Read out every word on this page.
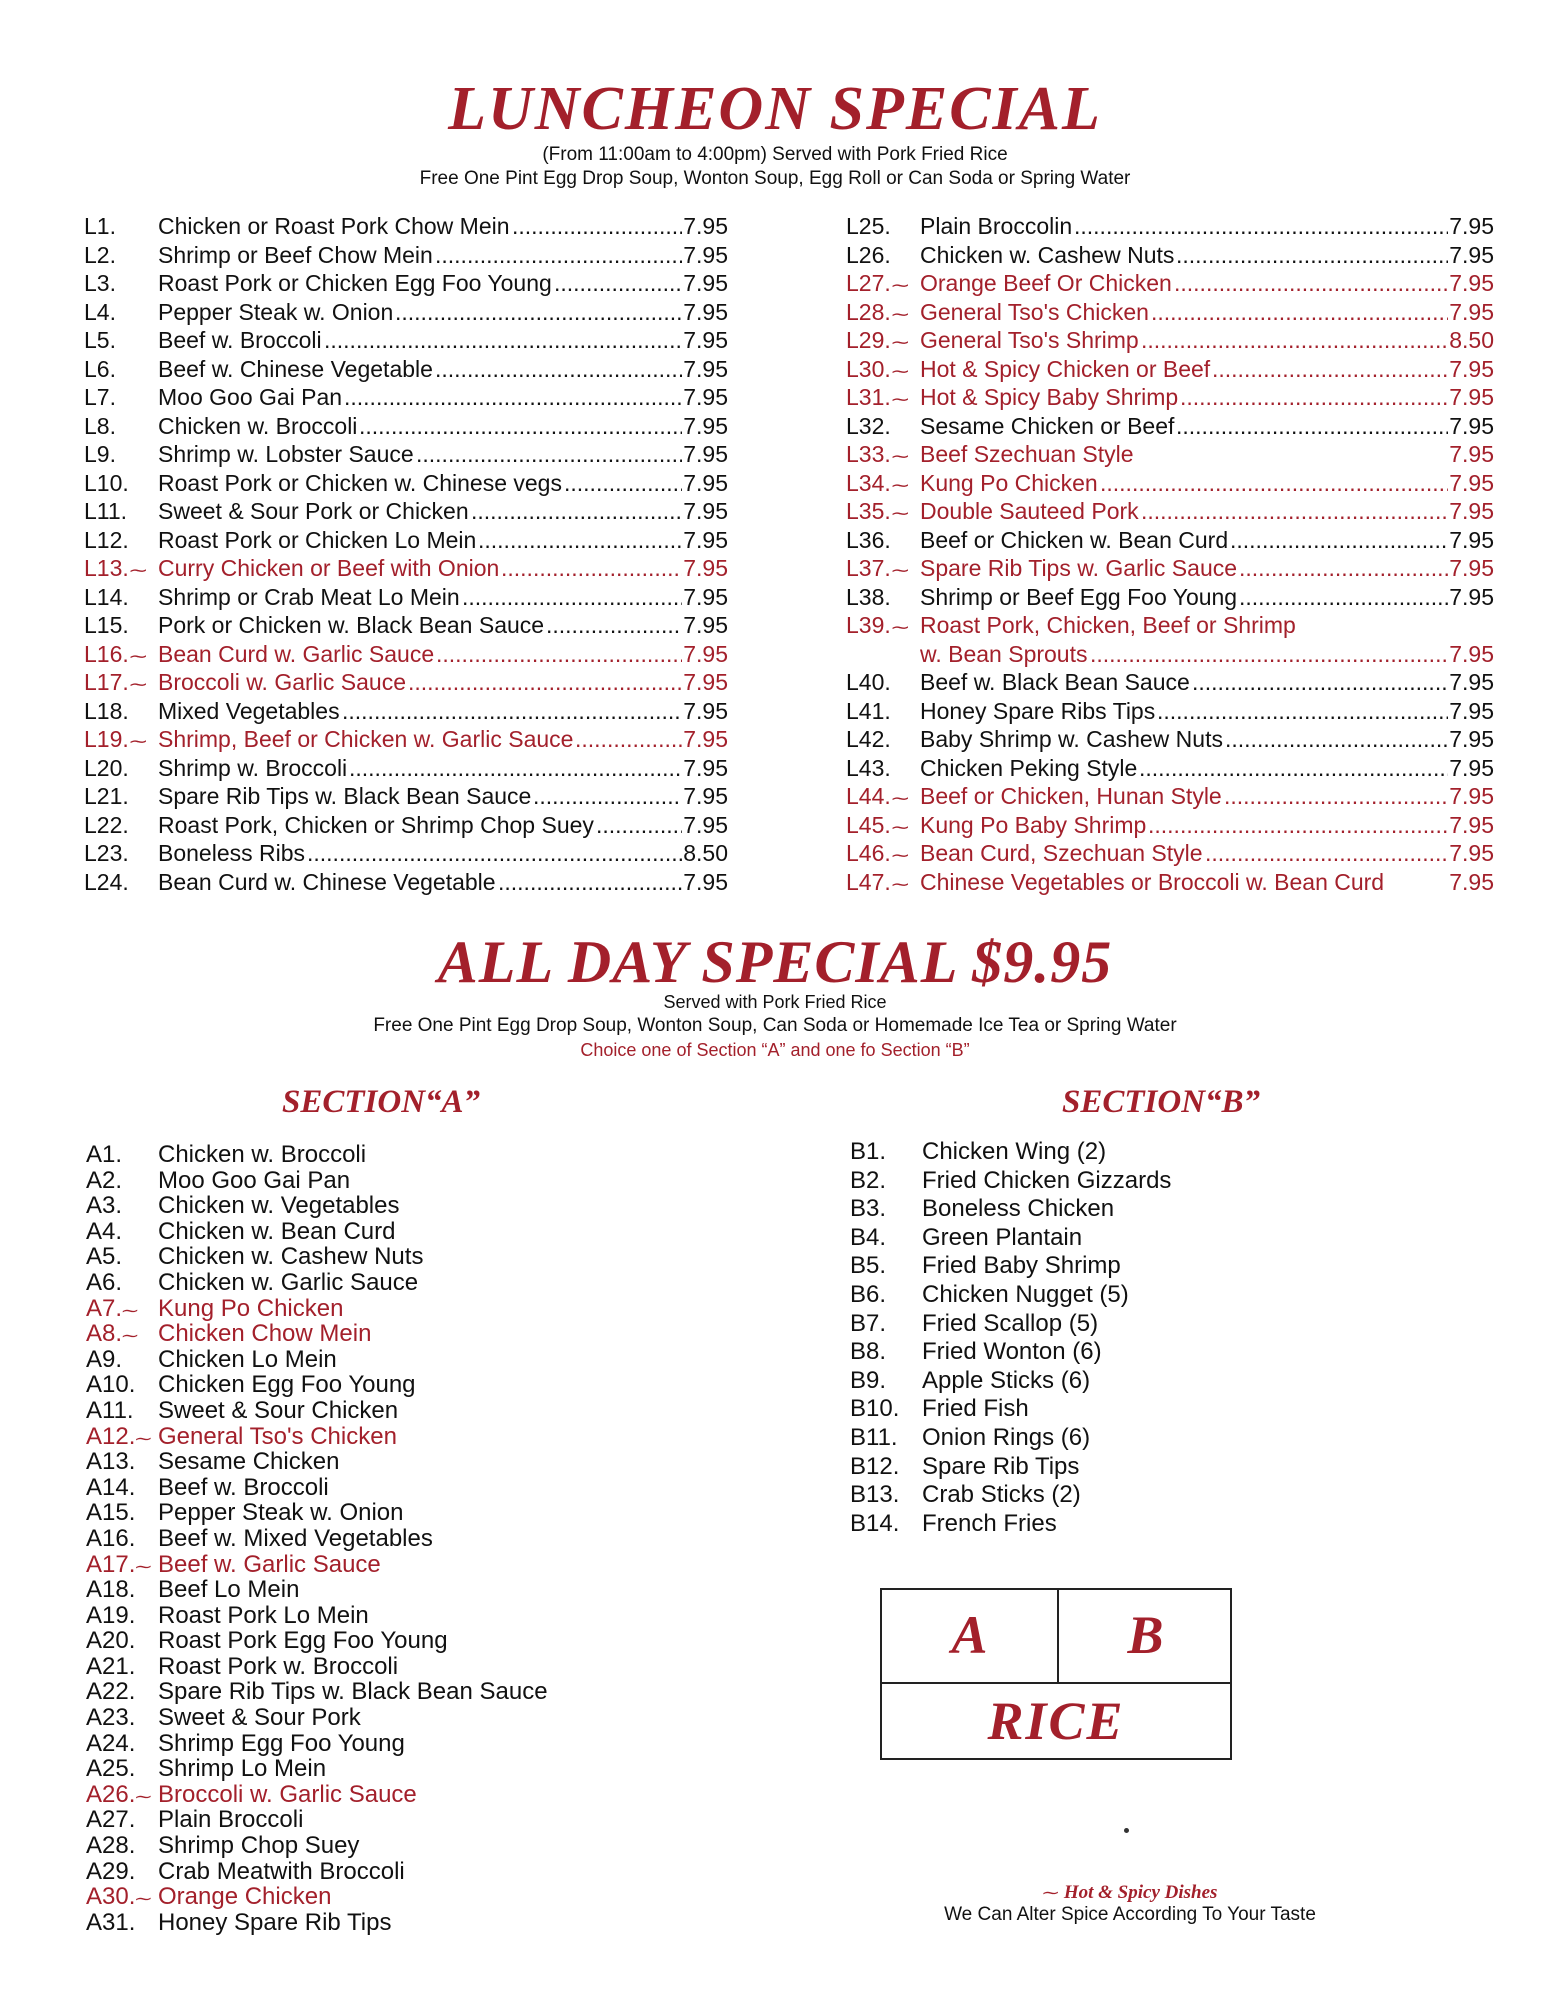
LUNCHEON SPECIAL
(From 11:00am to 4:00pm) Served with Pork Fried Rice
Free One Pint Egg Drop Soup, Wonton Soup, Egg Roll or Can Soda or Spring Water
L1. Chicken or Roast Pork Chow Mein .....	7.95
L2. Shrimp or Beef Chow Mein .....	7.95
L3. Roast Pork or Chicken Egg Foo Young .....	7.95
L4. Pepper Steak w. Onion .....	7.95
L5. Beef w. Broccoli .....	7.95
L6. Beef w. Chinese Vegetable .....	7.95
L7. Moo Goo Gai Pan .....	7.95
L8. Chicken w. Broccoli .....	7.95
L9. Shrimp w. Lobster Sauce .....	7.95
L10. Roast Pork or Chicken w. Chinese vegs .....	7.95
L11. Sweet & Sour Pork or Chicken .....	7.95
L12. Roast Pork or Chicken Lo Mein .....	7.95
L13.⁓ Curry Chicken or Beef with Onion .....	7.95
L14. Shrimp or Crab Meat Lo Mein .....	7.95
L15. Pork or Chicken w. Black Bean Sauce .....	7.95
L16.⁓ Bean Curd w. Garlic Sauce .....	7.95
L17.⁓ Broccoli w. Garlic Sauce .....	7.95
L18. Mixed Vegetables .....	7.95
L19.⁓ Shrimp, Beef or Chicken w. Garlic Sauce .....	7.95
L20. Shrimp w. Broccoli .....	7.95
L21. Spare Rib Tips w. Black Bean Sauce .....	7.95
L22. Roast Pork, Chicken or Shrimp Chop Suey .....	7.95
L23. Boneless Ribs .....	8.50
L24. Bean Curd w. Chinese Vegetable .....	7.95
L25. Plain Broccolin .....	7.95
L26. Chicken w. Cashew Nuts .....	7.95
L27.⁓ Orange Beef Or Chicken .....	7.95
L28.⁓ General Tso's Chicken .....	7.95
L29.⁓ General Tso's Shrimp .....	8.50
L30.⁓ Hot & Spicy Chicken or Beef .....	7.95
L31.⁓ Hot & Spicy Baby Shrimp .....	7.95
L32. Sesame Chicken or Beef .....	7.95
L33.⁓ Beef Szechuan Style	7.95
L34.⁓ Kung Po Chicken .....	7.95
L35.⁓ Double Sauteed Pork .....	7.95
L36. Beef or Chicken w. Bean Curd .....	7.95
L37.⁓ Spare Rib Tips w. Garlic Sauce .....	7.95
L38. Shrimp or Beef Egg Foo Young .....	7.95
L39.⁓ Roast Pork, Chicken, Beef or Shrimp
w. Bean Sprouts .....	7.95
L40. Beef w. Black Bean Sauce .....	7.95
L41. Honey Spare Ribs Tips .....	7.95
L42. Baby Shrimp w. Cashew Nuts .....	7.95
L43. Chicken Peking Style .....	7.95
L44.⁓ Beef or Chicken, Hunan Style .....	7.95
L45.⁓ Kung Po Baby Shrimp .....	7.95
L46.⁓ Bean Curd, Szechuan Style .....	7.95
L47.⁓ Chinese Vegetables or Broccoli w. Bean Curd	7.95
ALL DAY SPECIAL $9.95
Served with Pork Fried Rice
Free One Pint Egg Drop Soup, Wonton Soup, Can Soda or Homemade Ice Tea or Spring Water
Choice one of Section “A” and one fo Section “B”
SECTION“A”	SECTION“B”
A1. Chicken w. Broccoli
A2. Moo Goo Gai Pan
A3. Chicken w. Vegetables
A4. Chicken w. Bean Curd
A5. Chicken w. Cashew Nuts
A6. Chicken w. Garlic Sauce
A7.⁓ Kung Po Chicken
A8.⁓ Chicken Chow Mein
A9. Chicken Lo Mein
A10. Chicken Egg Foo Young
A11. Sweet & Sour Chicken
A12.⁓ General Tso's Chicken
A13. Sesame Chicken
A14. Beef w. Broccoli
A15. Pepper Steak w. Onion
A16. Beef w. Mixed Vegetables
A17.⁓ Beef w. Garlic Sauce
A18. Beef Lo Mein
A19. Roast Pork Lo Mein
A20. Roast Pork Egg Foo Young
A21. Roast Pork w. Broccoli
A22. Spare Rib Tips w. Black Bean Sauce
A23. Sweet & Sour Pork
A24. Shrimp Egg Foo Young
A25. Shrimp Lo Mein
A26.⁓ Broccoli w. Garlic Sauce
A27. Plain Broccoli
A28. Shrimp Chop Suey
A29. Crab Meatwith Broccoli
A30.⁓ Orange Chicken
A31. Honey Spare Rib Tips
B1. Chicken Wing (2)
B2. Fried Chicken Gizzards
B3. Boneless Chicken
B4. Green Plantain
B5. Fried Baby Shrimp
B6. Chicken Nugget (5)
B7. Fried Scallop (5)
B8. Fried Wonton (6)
B9. Apple Sticks (6)
B10. Fried Fish
B11. Onion Rings (6)
B12. Spare Rib Tips
B13. Crab Sticks (2)
B14. French Fries
A	B
RICE
⁓ Hot & Spicy Dishes
We Can Alter Spice According To Your Taste
